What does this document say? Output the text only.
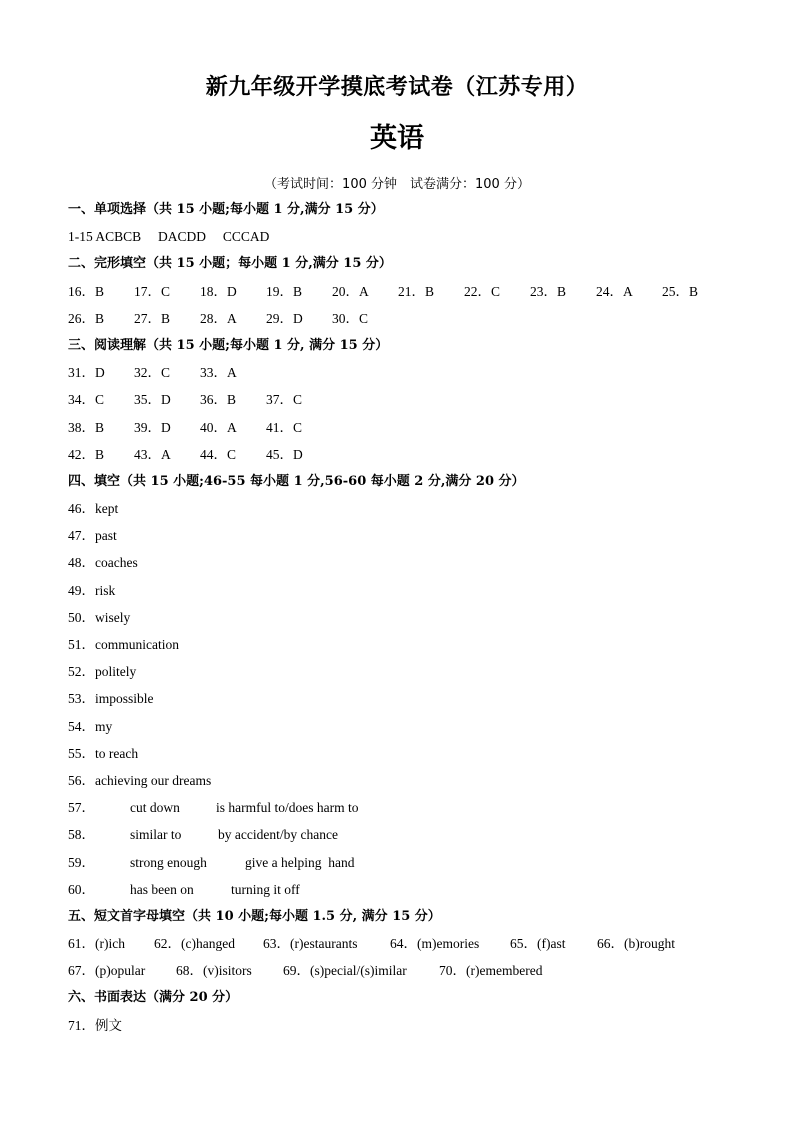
新九年级开学摸底考试卷（江苏专用）
英语
（考试时间：100 分钟　试卷满分：100 分）
一、单项选择（共 15 小题;每小题 1 分,满分 15 分）
1-15 ACBCB　 DACDD　 CCCAD
二、完形填空（共 15 小题；每小题 1 分,满分 15 分）
16．B 17．C 18．D 19．B 20．A 21．B 22．C 23．B 24．A 25．B
26．B 27．B 28．A 29．D 30．C
三、阅读理解（共 15 小题;每小题 1 分, 满分 15 分）
31．D 32．C 33．A
34．C 35．D 36．B 37．C
38．B 39．D 40．A 41．C
42．B 43．A 44．C 45．D
四、填空（共 15 小题;46-55 每小题 1 分,56-60 每小题 2 分,满分 20 分）
46．kept
47．past
48．coaches
49．risk
50．wisely
51．communication
52．politely
53．impossible
54．my
55．to reach
56．achieving our dreams
57．	cut down	is harmful to/does harm to
58．	similar to	by accident/by chance
59．	strong enough	give a helping  hand
60．	has been on	turning it off
五、短文首字母填空（共 10 小题;每小题 1.5 分, 满分 15 分）
61．(r)ich 62．(c)hanged 63．(r)estaurants 64．(m)emories 65．(f)ast 66．(b)rought
67．(p)opular 68．(v)isitors 69．(s)pecial/(s)imilar 70．(r)emembered
六、书面表达（满分 20 分）
71．例文
